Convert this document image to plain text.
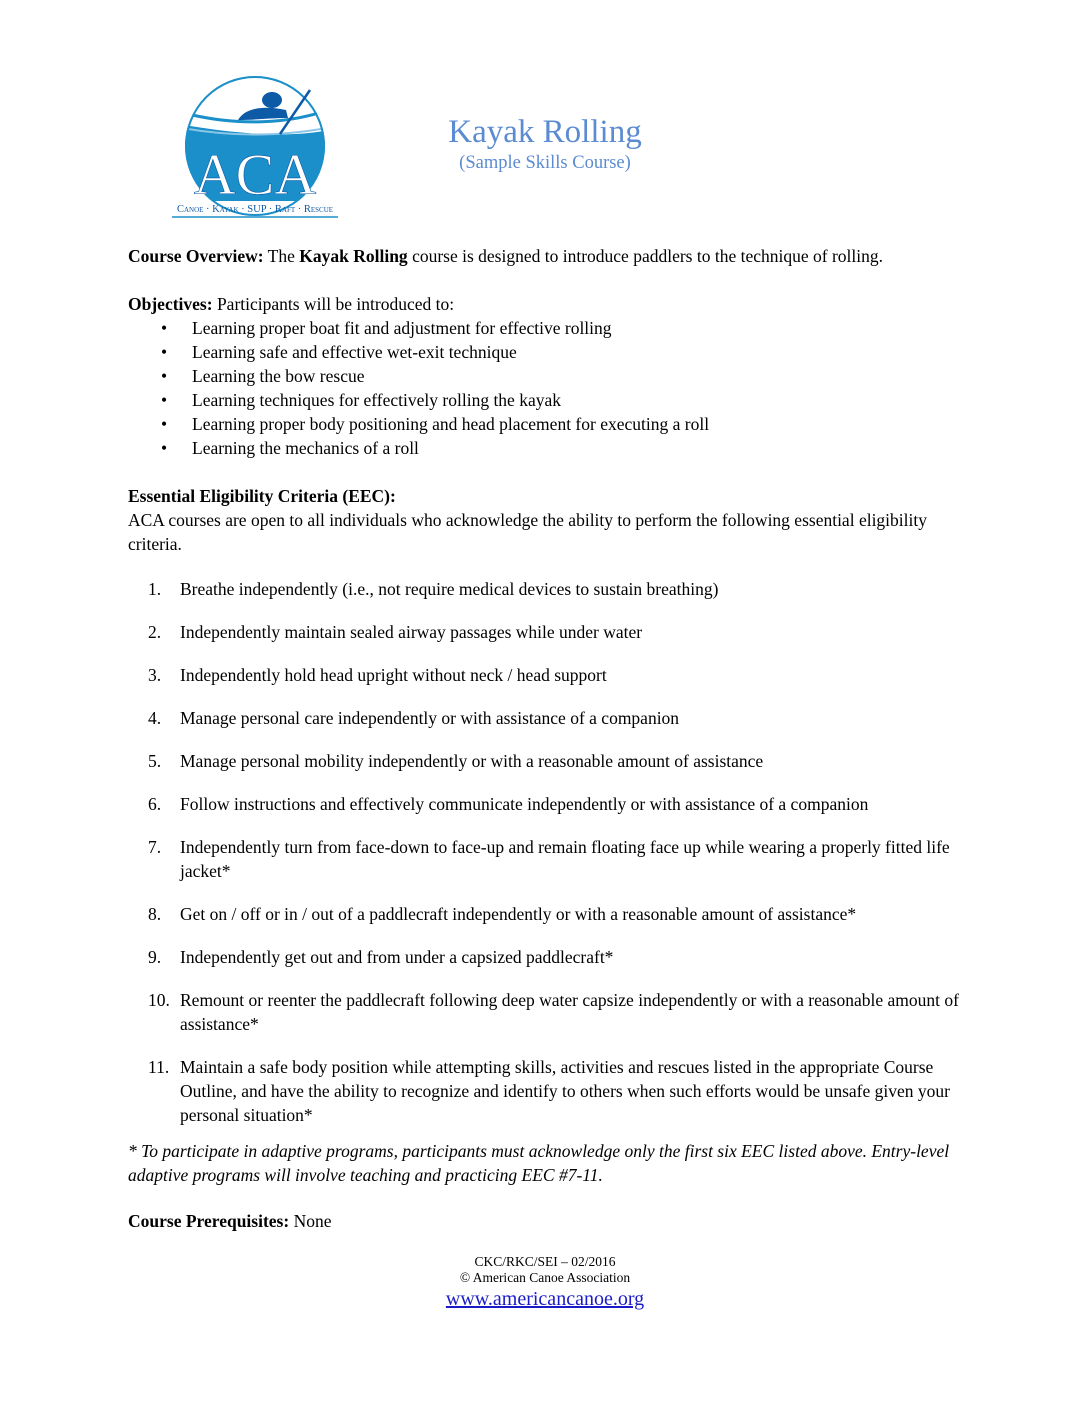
ACA
Canoe · Kayak · SUP · Raft · Rescue
Kayak Rolling
(Sample Skills Course)

Course Overview: The Kayak Rolling course is designed to introduce paddlers to the technique of rolling.

Objectives: Participants will be introduced to:

• Learning proper boat fit and adjustment for effective rolling
• Learning safe and effective wet-exit technique
• Learning the bow rescue
• Learning techniques for effectively rolling the kayak
• Learning proper body positioning and head placement for executing a roll
• Learning the mechanics of a roll

Essential Eligibility Criteria (EEC):

ACA courses are open to all individuals who acknowledge the ability to perform the following essential eligibility criteria.

1.	Breathe independently (i.e., not require medical devices to sustain breathing)
2.	Independently maintain sealed airway passages while under water
3.	Independently hold head upright without neck / head support
4.	Manage personal care independently or with assistance of a companion
5.	Manage personal mobility independently or with a reasonable amount of assistance
6.	Follow instructions and effectively communicate independently or with assistance of a companion
7.	Independently turn from face-down to face-up and remain floating face up while wearing a properly fitted life jacket*
8.	Get on / off or in / out of a paddlecraft independently or with a reasonable amount of assistance*
9.	Independently get out and from under a capsized paddlecraft*
10. Remount or reenter the paddlecraft following deep water capsize independently or with a reasonable amount of assistance*
11. Maintain a safe body position while attempting skills, activities and rescues listed in the appropriate Course Outline, and have the ability to recognize and identify to others when such efforts would be unsafe given your personal situation*

* To participate in adaptive programs, participants must acknowledge only the first six EEC listed above. Entry-level adaptive programs will involve teaching and practicing EEC #7-11.

Course Prerequisites: None

CKC/RKC/SEI – 02/2016
© American Canoe Association
www.americancanoe.org
